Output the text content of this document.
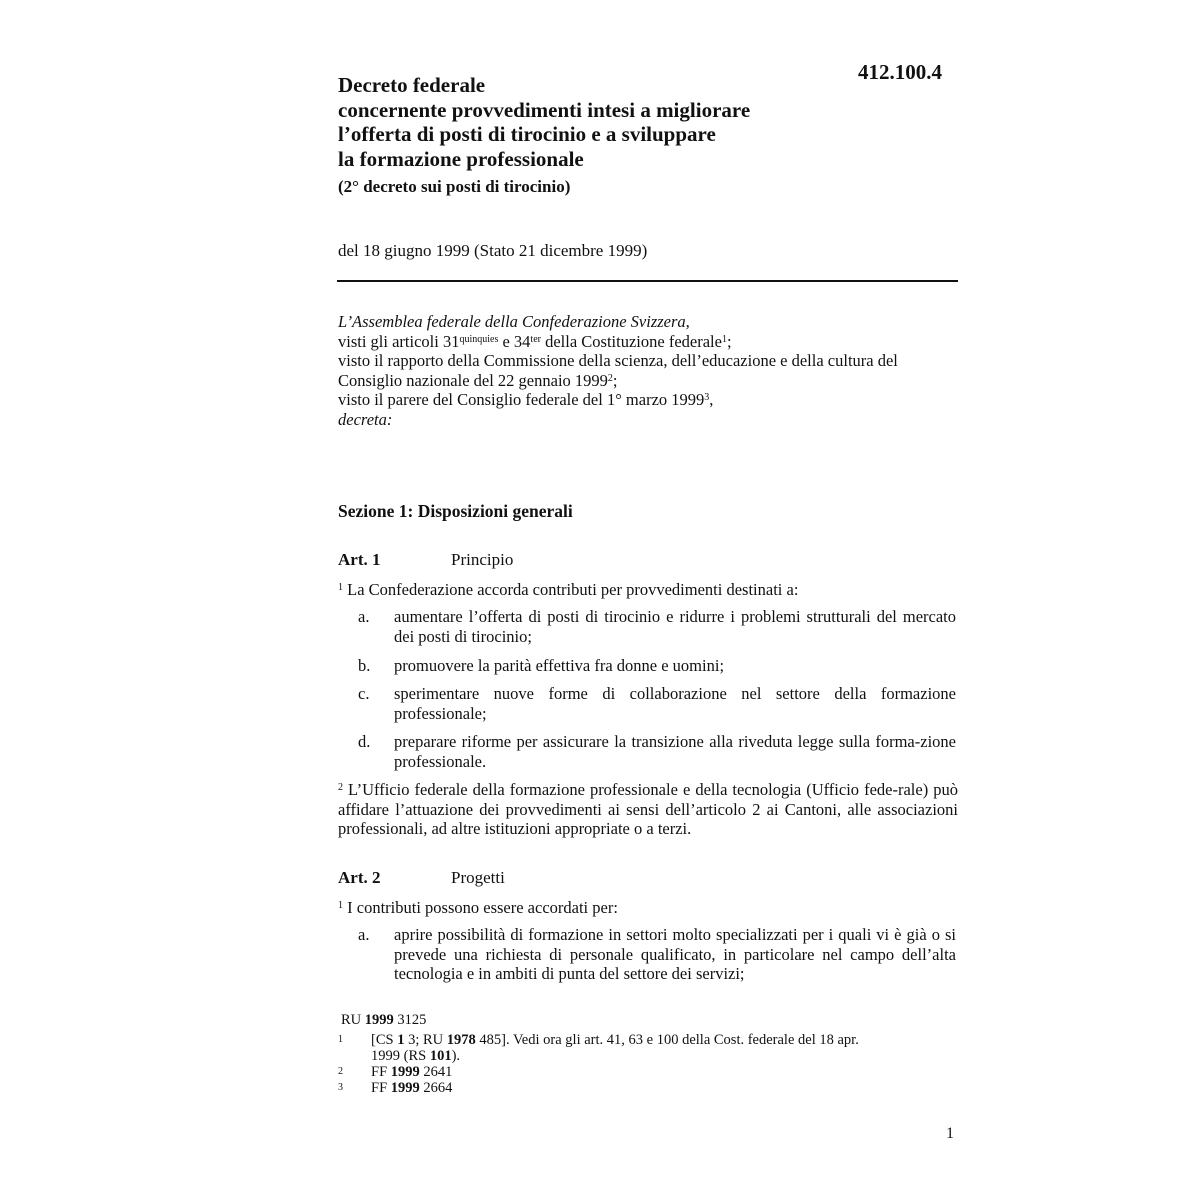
412.100.4
Decreto federale
concernente provvedimenti intesi a migliorare
l’offerta di posti di tirocinio e a sviluppare
la formazione professionale
(2° decreto sui posti di tirocinio)
del 18 giugno 1999 (Stato 21 dicembre 1999)
L’Assemblea federale della Confederazione Svizzera,
visti gli articoli $31^{quinquies}$ e $34^{ter}$ della Costituzione federale$^1$;
visto il rapporto della Commissione della scienza, dell’educazione e della cultura del
Consiglio nazionale del 22 gennaio 1999$^2$;
visto il parere del Consiglio federale del 1° marzo 1999$^3$,
decreta:
Sezione 1: Disposizioni generali
Art. 1	Principio
$^1$ La Confederazione accorda contributi per provvedimenti destinati a:
a.	aumentare l’offerta di posti di tirocinio e ridurre i problemi strutturali del mercato dei posti di tirocinio;
b.	promuovere la parità effettiva fra donne e uomini;
c.	sperimentare nuove forme di collaborazione nel settore della formazione professionale;
d.	preparare riforme per assicurare la transizione alla riveduta legge sulla forma-zione professionale.
$^2$ L’Ufficio federale della formazione professionale e della tecnologia (Ufficio fede-rale) può affidare l’attuazione dei provvedimenti ai sensi dell’articolo 2 ai Cantoni, alle associazioni professionali, ad altre istituzioni appropriate o a terzi.
Art. 2	Progetti
$^1$ I contributi possono essere accordati per:
a.	aprire possibilità di formazione in settori molto specializzati per i quali vi è già o si prevede una richiesta di personale qualificato, in particolare nel campo dell’alta tecnologia e in ambiti di punta del settore dei servizi;
RU 1999 3125
1	[CS 1 3; RU 1978 485]. Vedi ora gli art. 41, 63 e 100 della Cost. federale del 18 apr.
1999 (RS 101).
2	FF 1999 2641
3	FF 1999 2664
1
